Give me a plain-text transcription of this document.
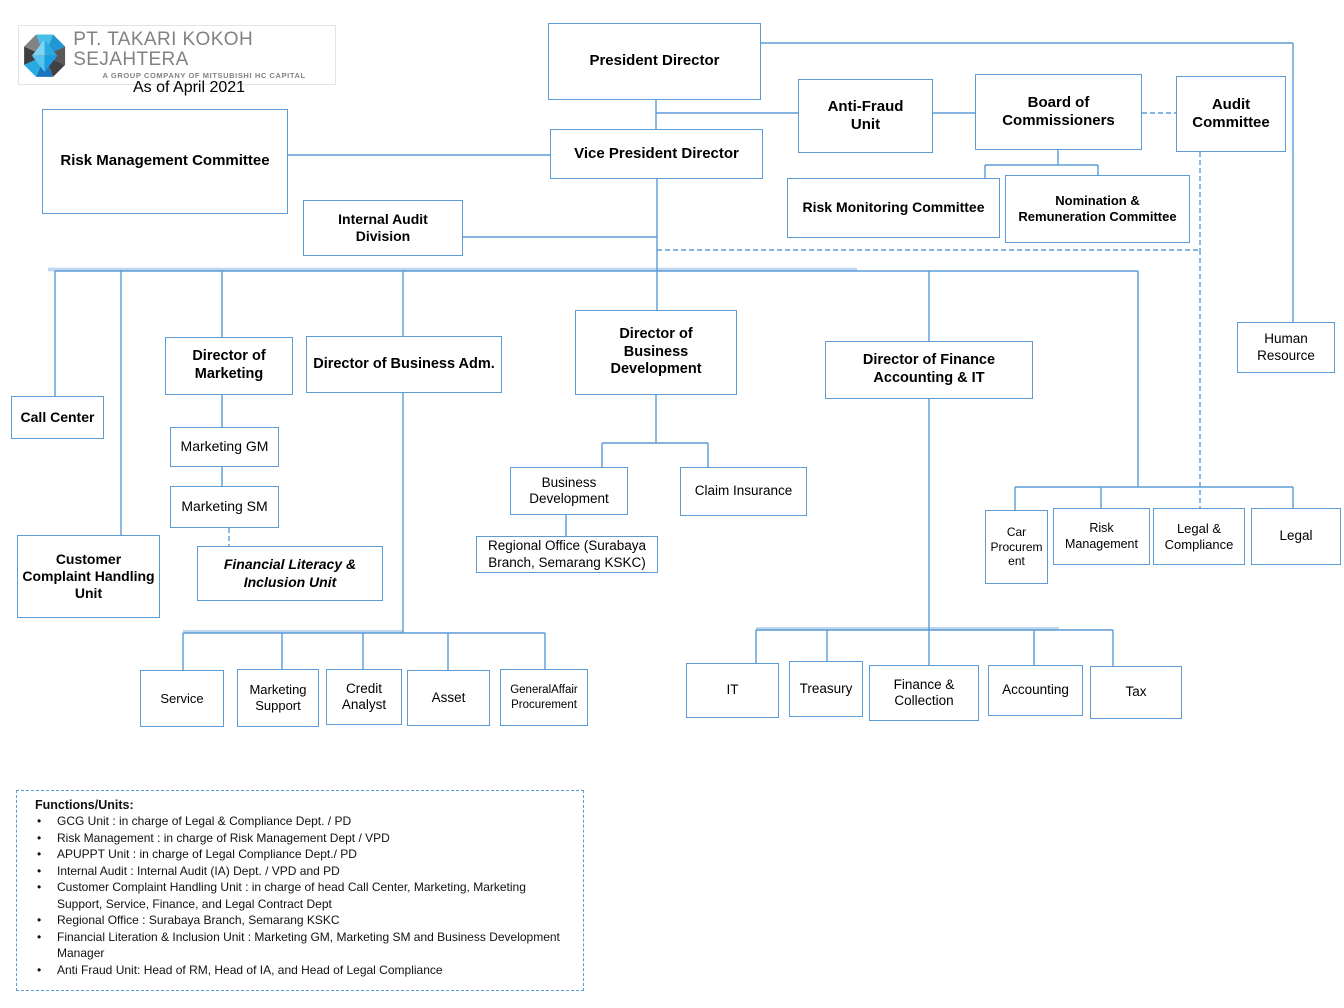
PT. TAKARI KOKOH SEJAHTERA
A GROUP COMPANY OF MITSUBISHI HC CAPITAL
As of April 2021
President Director
Vice President Director
Anti-Fraud Unit
Board of Commissioners
Audit Committee
Risk Monitoring Committee	Nomination & Remuneration Committee
Risk Management Committee
Internal Audit Division
Call Center
Customer Complaint Handling Unit
Director of Marketing
Director of Business Adm.
Director of Business Development
Director of Finance Accounting & IT
Marketing GM
Marketing SM
Financial Literacy & Inclusion Unit
Business Development
Claim Insurance
Regional Office (Surabaya Branch, Semarang KSKC)
Human Resource
Car Procurement
Risk Management
Legal & Compliance
Legal
Service
Marketing Support
Credit Analyst	Asset	GeneralAffair Procurement
IT	Treasury	Finance & Collection
Accounting	Tax
Functions/Units:
• GCG Unit : in charge of Legal & Compliance Dept. / PD
• Risk Management : in charge of Risk Management Dept / VPD
• APUPPT Unit : in charge of Legal Compliance Dept./ PD
• Internal Audit : Internal Audit (IA) Dept. / VPD and PD
• Customer Complaint Handling Unit : in charge of head Call Center, Marketing, Marketing Support, Service, Finance, and Legal Contract Dept
• Regional Office : Surabaya Branch, Semarang KSKC
• Financial Literation & Inclusion Unit : Marketing GM, Marketing SM and Business Development Manager
• Anti Fraud Unit: Head of RM, Head of IA, and Head of Legal Compliance
